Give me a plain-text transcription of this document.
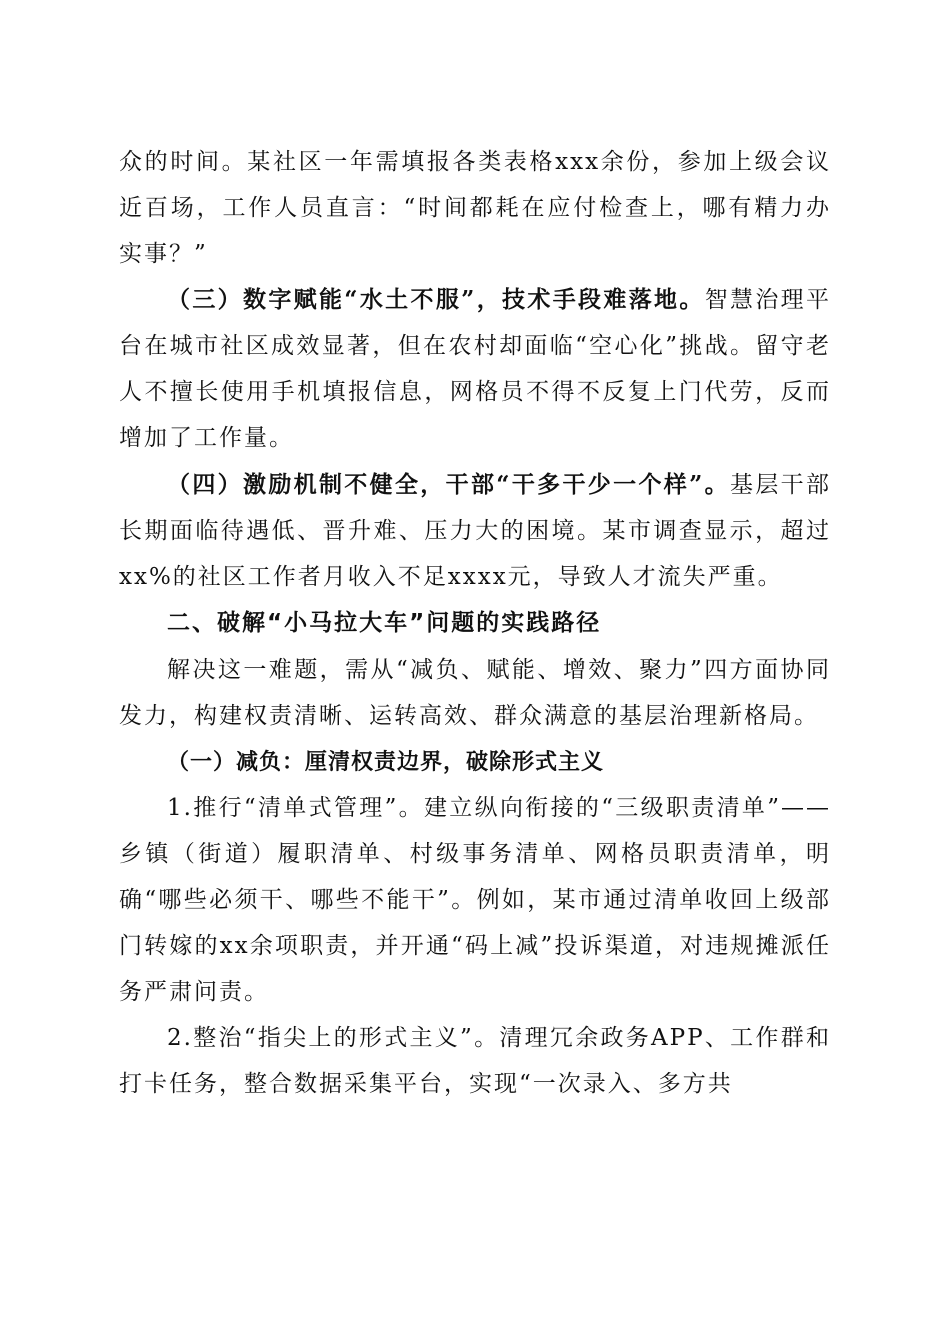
众的时间。某社区一年需填报各类表格xxx余份，参加上级会议近百场，工作人员直言：“时间都耗在应付检查上，哪有精力办实事？”

（三）数字赋能“水土不服”，技术手段难落地。智慧治理平台在城市社区成效显著，但在农村却面临“空心化”挑战。留守老人不擅长使用手机填报信息，网格员不得不反复上门代劳，反而增加了工作量。

（四）激励机制不健全，干部“干多干少一个样”。基层干部长期面临待遇低、晋升难、压力大的困境。某市调查显示，超过xx%的社区工作者月收入不足xxxx元，导致人才流失严重。

二、破解“小马拉大车”问题的实践路径

解决这一难题，需从“减负、赋能、增效、聚力”四方面协同发力，构建权责清晰、运转高效、群众满意的基层治理新格局。

（一）减负：厘清权责边界，破除形式主义

1.推行“清单式管理”。建立纵向衔接的“三级职责清单”——乡镇（街道）履职清单、村级事务清单、网格员职责清单，明确“哪些必须干、哪些不能干”。例如，某市通过清单收回上级部门转嫁的xx余项职责，并开通“码上减”投诉渠道，对违规摊派任务严肃问责。

2.整治“指尖上的形式主义”。清理冗余政务APP、工作群和打卡任务，整合数据采集平台，实现“一次录入、多方共
